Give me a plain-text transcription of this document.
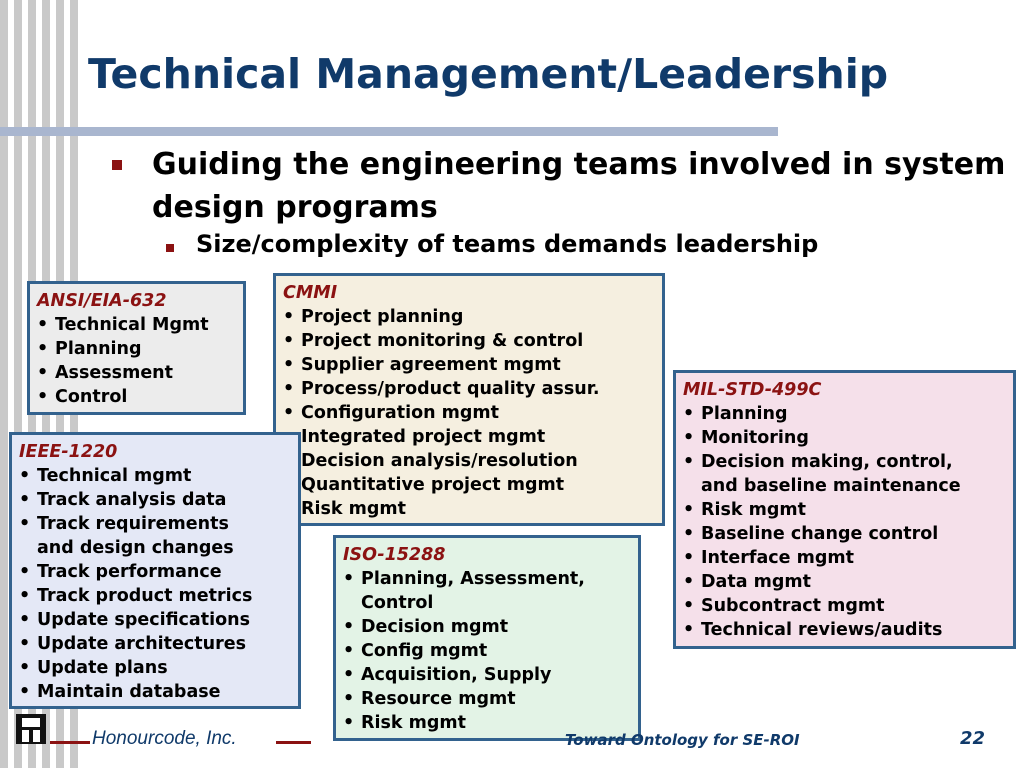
Technical Management/Leadership
Guiding the engineering teams involved in system design programs
Size/complexity of teams demands leadership
ANSI/EIA-632
• Technical Mgmt
• Planning
• Assessment
• Control
CMMI
• Project planning
• Project monitoring & control
• Supplier agreement mgmt
• Process/product quality assur.
• Configuration mgmt
• Integrated project mgmt
• Decision analysis/resolution
• Quantitative project mgmt
• Risk mgmt
IEEE-1220
• Technical mgmt
• Track analysis data
• Track requirements
and design changes
• Track performance
• Track product metrics
• Update specifications
• Update architectures
• Update plans
• Maintain database
ISO-15288
• Planning, Assessment,
Control
• Decision mgmt
• Config mgmt
• Acquisition, Supply
• Resource mgmt
• Risk mgmt
MIL-STD-499C
• Planning
• Monitoring
• Decision making, control,
and baseline maintenance
• Risk mgmt
• Baseline change control
• Interface mgmt
• Data mgmt
• Subcontract mgmt
• Technical reviews/audits
Honourcode, Inc.	Toward Ontology for SE-ROI	22
